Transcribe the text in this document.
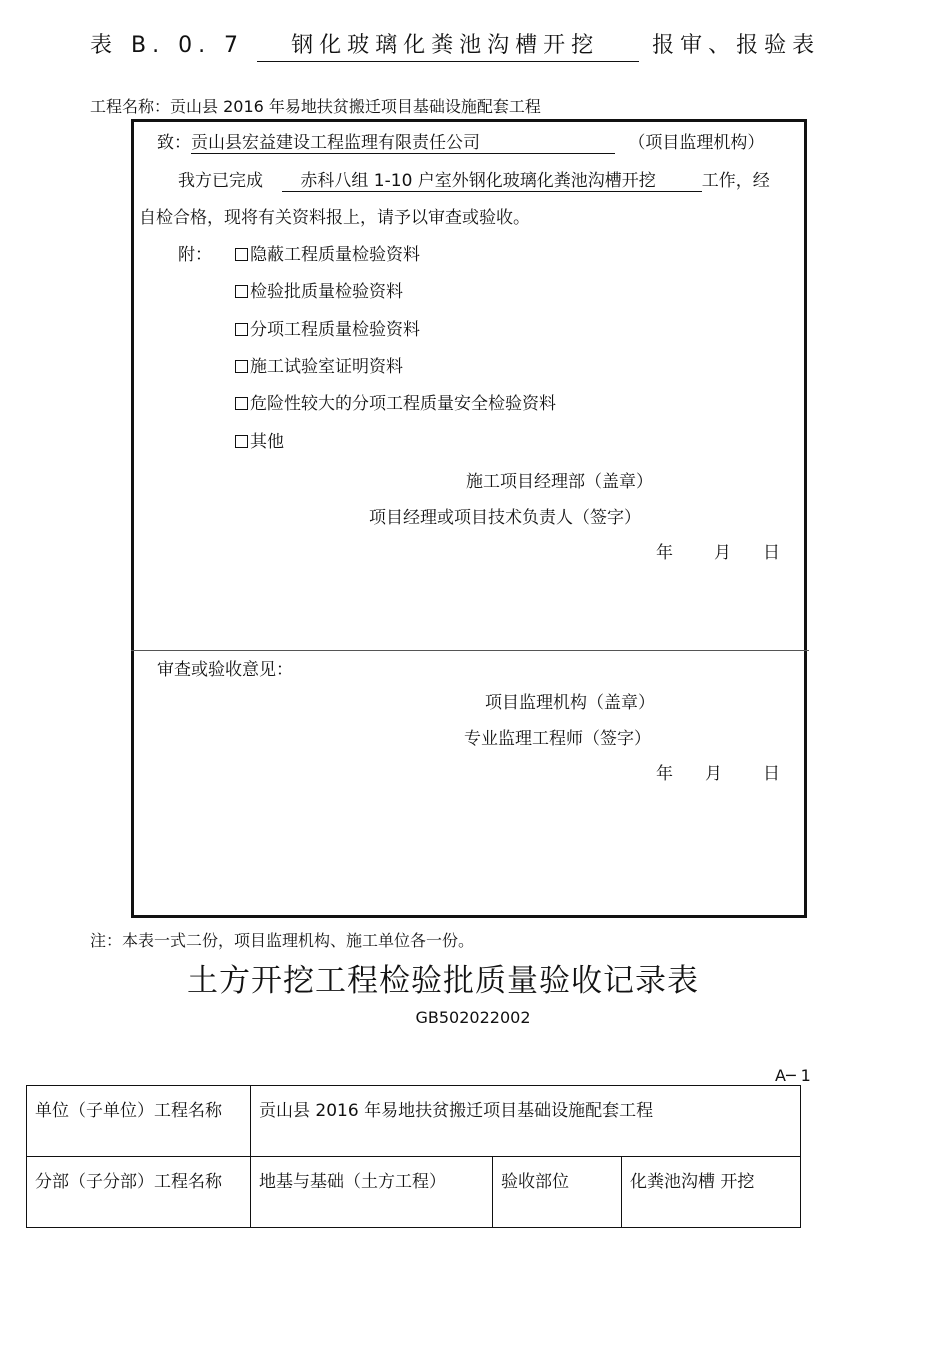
表 B. 0. 7 钢化玻璃化粪池沟槽开挖 报审、报验表
工程名称：贡山县 2016 年易地扶贫搬迁项目基础设施配套工程
致：贡山县宏益建设工程监理有限责任公司	（项目监理机构）
我方已完成 赤科八组 1-10 户室外钢化玻璃化粪池沟槽开挖	工作，经
自检合格，现将有关资料报上，请予以审查或验收。
附：	隐蔽工程质量检验资料
检验批质量检验资料
分项工程质量检验资料
施工试验室证明资料
危险性较大的分项工程质量安全检验资料
其他
施工项目经理部（盖章）
项目经理或项目技术负责人（签字）
年 月 日
审查或验收意见：
项目监理机构（盖章）
专业监理工程师（签字）
年 月 日
注：本表一式二份，项目监理机构、施工单位各一份。
土方开挖工程检验批质量验收记录表
GB502022002
A─ 1
单位（子单位）工程名称	贡山县 2016 年易地扶贫搬迁项目基础设施配套工程		

分部（子分部）工程名称	地基与基础（土方工程）	验收部位	化粪池沟槽 开挖
